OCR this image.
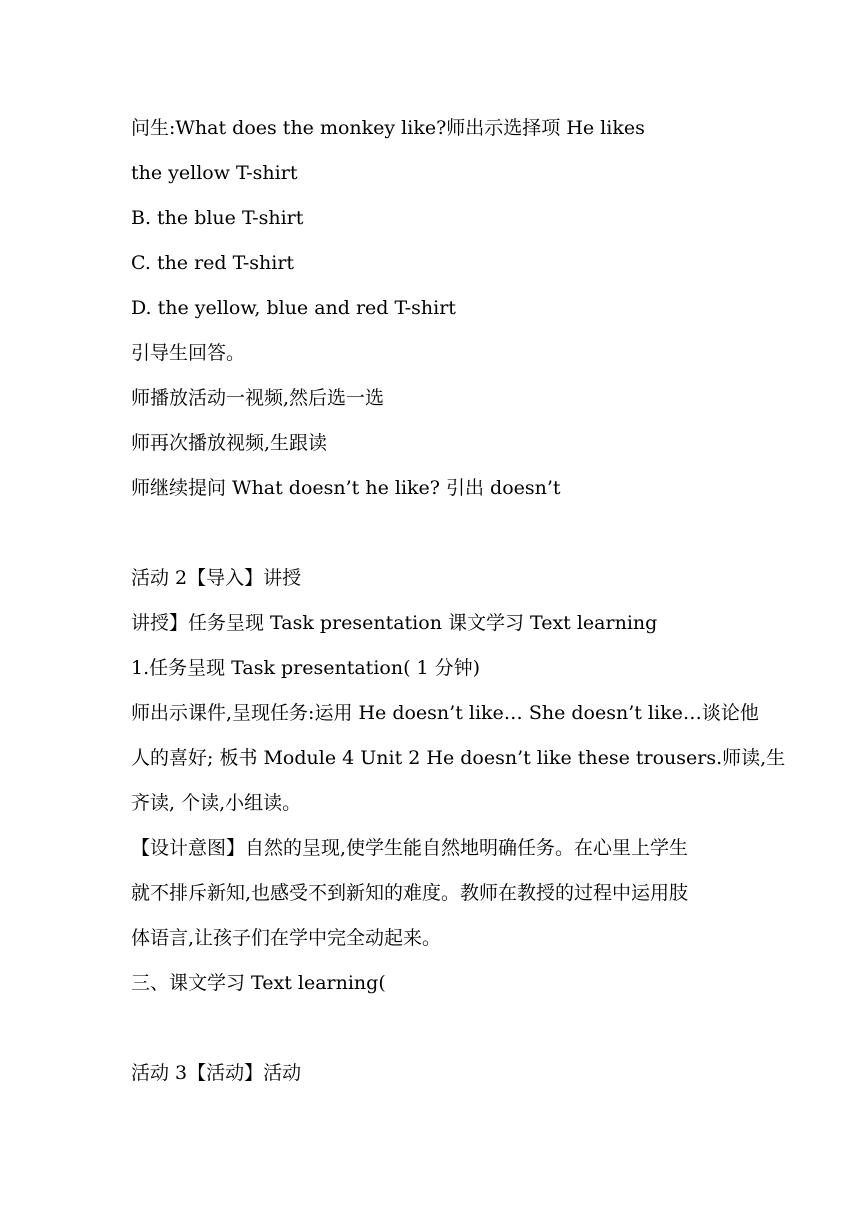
问生:What does the monkey like?师出示选择项 He likes
the yellow T-shirt
B. the blue T-shirt
C. the red T-shirt
D. the yellow, blue and red T-shirt
引导生回答。
师播放活动一视频,然后选一选
师再次播放视频,生跟读
师继续提问 What doesn’t he like? 引出 doesn’t
活动 2【导入】讲授
讲授】任务呈现 Task presentation 课文学习 Text learning
1.任务呈现 Task presentation( 1 分钟)
师出示课件,呈现任务:运用 He doesn’t like… She doesn’t like…谈论他
人的喜好; 板书 Module 4 Unit 2 He doesn’t like these trousers.师读,生
齐读, 个读,小组读。
【设计意图】自然的呈现,使学生能自然地明确任务。在心里上学生
就不排斥新知,也感受不到新知的难度。教师在教授的过程中运用肢
体语言,让孩子们在学中完全动起来。
三、课文学习 Text learning(
活动 3【活动】活动
